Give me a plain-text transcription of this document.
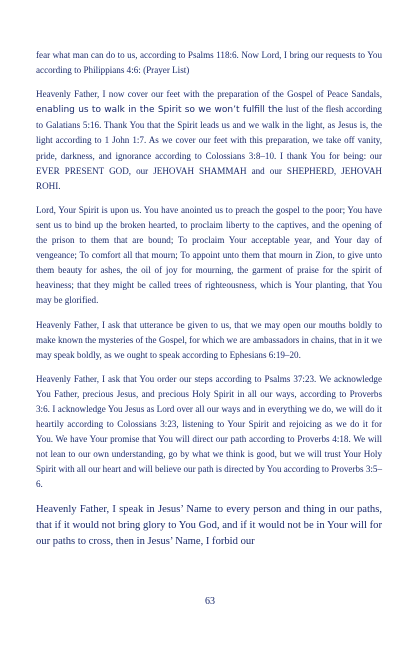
fear what man can do to us, according to Psalms 118:6. Now Lord, I bring our requests to You according to Philippians 4:6: (Prayer List)

Heavenly Father, I now cover our feet with the preparation of the Gospel of Peace Sandals, enabling us to walk in the Spirit so we won’t fulfill the lust of the flesh according to Galatians 5:16. Thank You that the Spirit leads us and we walk in the light, as Jesus is, the light according to 1 John 1:7. As we cover our feet with this preparation, we take off vanity, pride, darkness, and ignorance according to Colossians 3:8–10. I thank You for being: our EVER PRESENT GOD, our JEHOVAH SHAMMAH and our SHEPHERD, JEHOVAH ROHI.

Lord, Your Spirit is upon us. You have anointed us to preach the gospel to the poor; You have sent us to bind up the broken hearted, to proclaim liberty to the captives, and the opening of the prison to them that are bound; To proclaim Your acceptable year, and Your day of vengeance; To comfort all that mourn; To appoint unto them that mourn in Zion, to give unto them beauty for ashes, the oil of joy for mourning, the garment of praise for the spirit of heaviness; that they might be called trees of righteousness, which is Your planting, that You may be glorified.

Heavenly Father, I ask that utterance be given to us, that we may open our mouths boldly to make known the mysteries of the Gospel, for which we are ambassadors in chains, that in it we may speak boldly, as we ought to speak according to Ephesians 6:19–20.

Heavenly Father, I ask that You order our steps according to Psalms 37:23. We acknowledge You Father, precious Jesus, and precious Holy Spirit in all our ways, according to Proverbs 3:6. I acknowledge You Jesus as Lord over all our ways and in everything we do, we will do it heartily according to Colossians 3:23, listening to Your Spirit and rejoicing as we do it for You. We have Your promise that You will direct our path according to Proverbs 4:18. We will not lean to our own understanding, go by what we think is good, but we will trust Your Holy Spirit with all our heart and will believe our path is directed by You according to Proverbs 3:5–6.

Heavenly Father, I speak in Jesus’ Name to every person and thing in our paths, that if it would not bring glory to You God, and if it would not be in Your will for our paths to cross, then in Jesus’ Name, I forbid our

63
